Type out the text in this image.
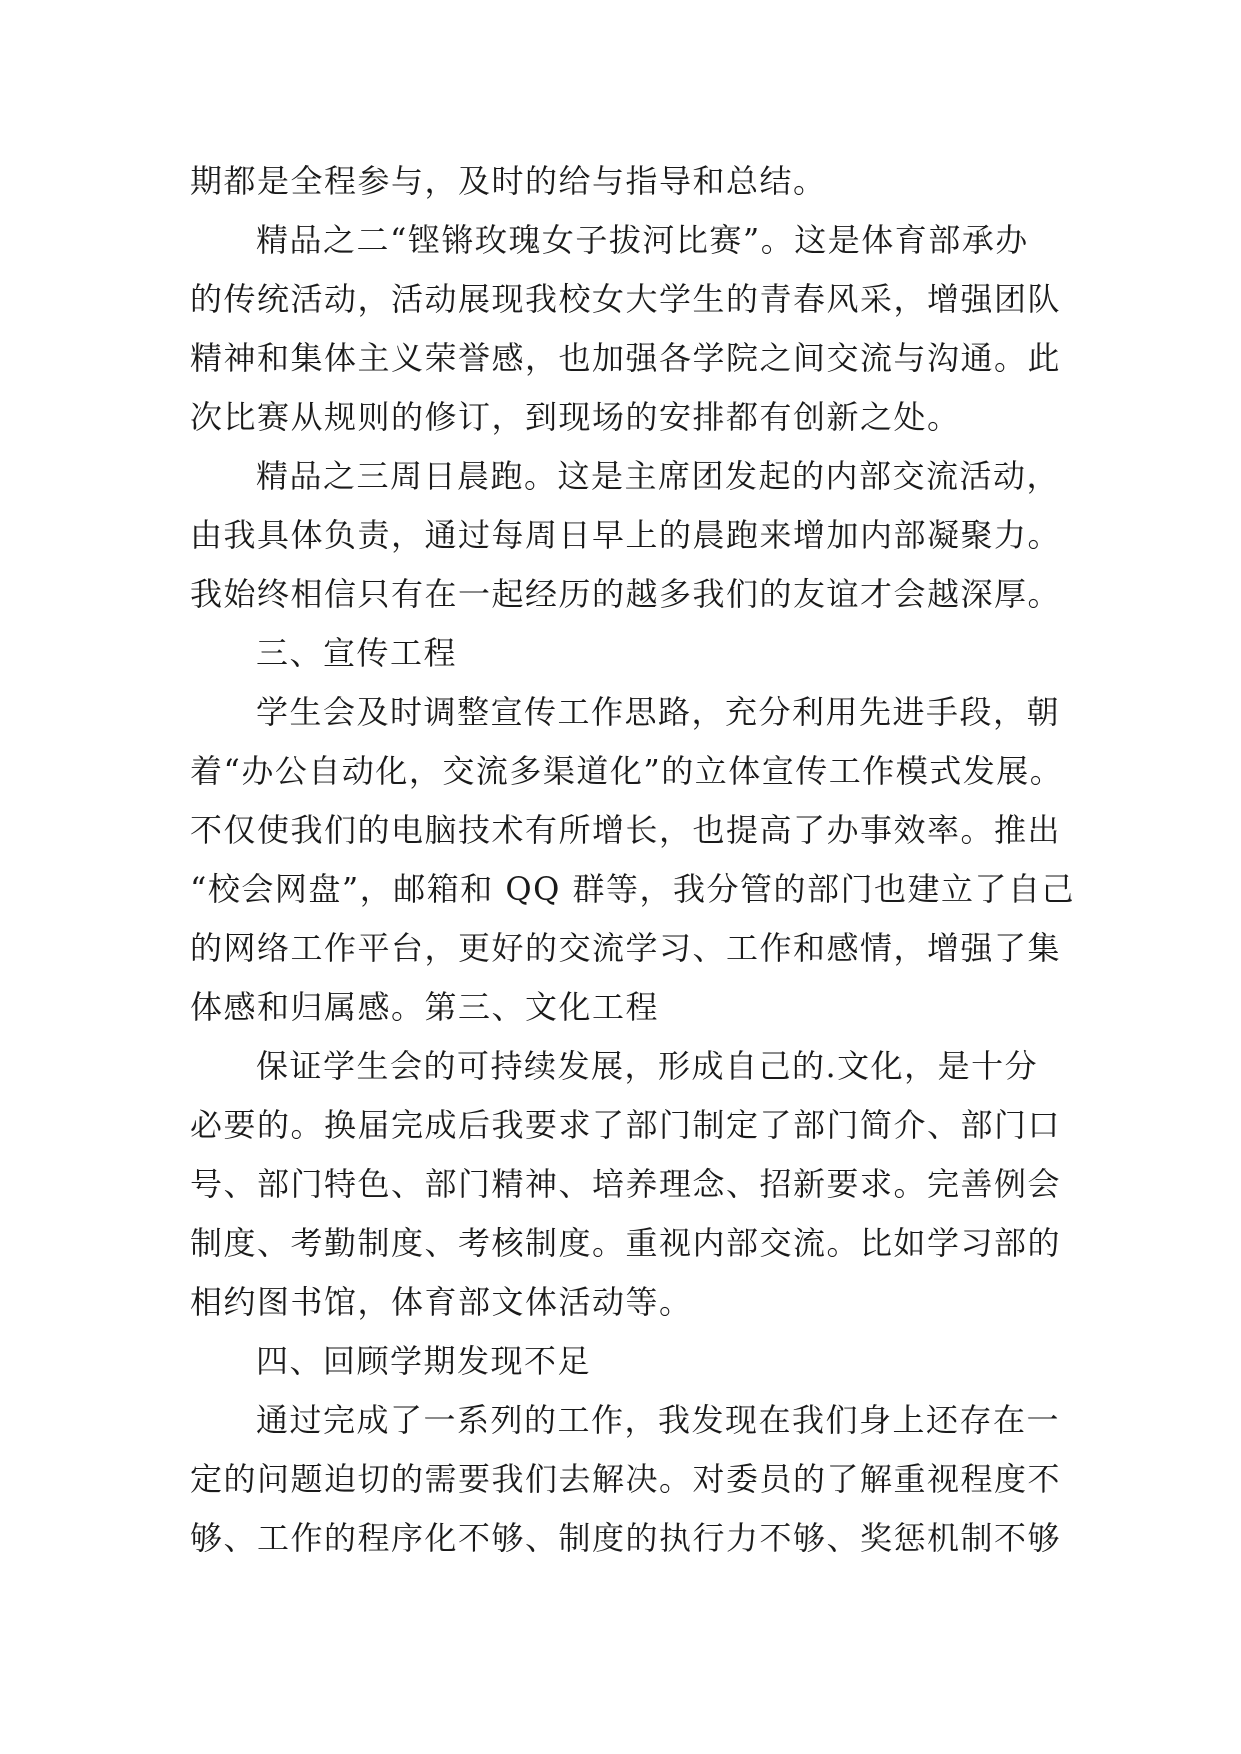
期都是全程参与，及时的给与指导和总结。
精品之二“铿锵玫瑰女子拔河比赛”。这是体育部承办
的传统活动，活动展现我校女大学生的青春风采，增强团队
精神和集体主义荣誉感，也加强各学院之间交流与沟通。此
次比赛从规则的修订，到现场的安排都有创新之处。
精品之三周日晨跑。这是主席团发起的内部交流活动，
由我具体负责，通过每周日早上的晨跑来增加内部凝聚力。
我始终相信只有在一起经历的越多我们的友谊才会越深厚。
三、宣传工程
学生会及时调整宣传工作思路，充分利用先进手段，朝
着“办公自动化，交流多渠道化”的立体宣传工作模式发展。
不仅使我们的电脑技术有所增长，也提高了办事效率。推出
“校会网盘”，邮箱和 QQ 群等，我分管的部门也建立了自己
的网络工作平台，更好的交流学习、工作和感情，增强了集
体感和归属感。第三、文化工程
保证学生会的可持续发展，形成自己的.文化，是十分
必要的。换届完成后我要求了部门制定了部门简介、部门口
号、部门特色、部门精神、培养理念、招新要求。完善例会
制度、考勤制度、考核制度。重视内部交流。比如学习部的
相约图书馆，体育部文体活动等。
四、回顾学期发现不足
通过完成了一系列的工作，我发现在我们身上还存在一
定的问题迫切的需要我们去解决。对委员的了解重视程度不
够、工作的程序化不够、制度的执行力不够、奖惩机制不够
